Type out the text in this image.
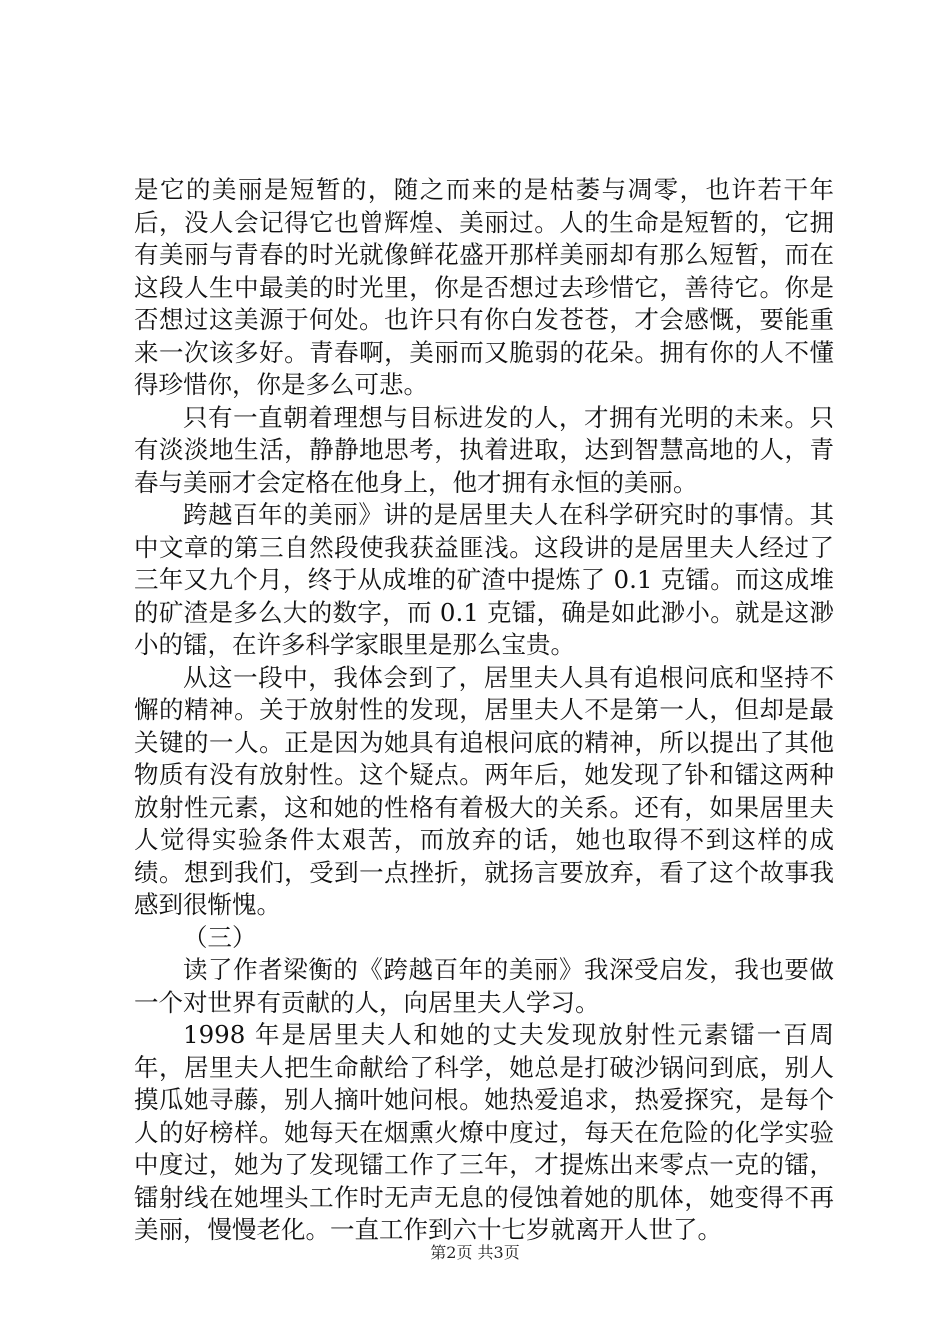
是它的美丽是短暂的，随之而来的是枯萎与凋零，也许若干年后，没人会记得它也曾辉煌、美丽过。人的生命是短暂的，它拥有美丽与青春的时光就像鲜花盛开那样美丽却有那么短暂，而在这段人生中最美的时光里，你是否想过去珍惜它，善待它。你是否想过这美源于何处。也许只有你白发苍苍，才会感慨，要能重来一次该多好。青春啊，美丽而又脆弱的花朵。拥有你的人不懂得珍惜你，你是多么可悲。

只有一直朝着理想与目标进发的人，才拥有光明的未来。只有淡淡地生活，静静地思考，执着进取，达到智慧高地的人，青春与美丽才会定格在他身上，他才拥有永恒的美丽。

跨越百年的美丽》讲的是居里夫人在科学研究时的事情。其中文章的第三自然段使我获益匪浅。这段讲的是居里夫人经过了三年又九个月，终于从成堆的矿渣中提炼了 0.1 克镭。而这成堆的矿渣是多么大的数字，而 0.1 克镭，确是如此渺小。就是这渺小的镭，在许多科学家眼里是那么宝贵。

从这一段中，我体会到了，居里夫人具有追根问底和坚持不懈的精神。关于放射性的发现，居里夫人不是第一人，但却是最关键的一人。正是因为她具有追根问底的精神，所以提出了其他物质有没有放射性。这个疑点。两年后，她发现了钋和镭这两种放射性元素，这和她的性格有着极大的关系。还有，如果居里夫人觉得实验条件太艰苦，而放弃的话，她也取得不到这样的成绩。想到我们，受到一点挫折，就扬言要放弃，看了这个故事我感到很惭愧。

（三）

读了作者梁衡的《跨越百年的美丽》我深受启发，我也要做一个对世界有贡献的人，向居里夫人学习。

1998 年是居里夫人和她的丈夫发现放射性元素镭一百周年，居里夫人把生命献给了科学，她总是打破沙锅问到底，别人摸瓜她寻藤，别人摘叶她问根。她热爱追求，热爱探究，是每个人的好榜样。她每天在烟熏火燎中度过，每天在危险的化学实验中度过，她为了发现镭工作了三年，才提炼出来零点一克的镭，镭射线在她埋头工作时无声无息的侵蚀着她的肌体，她变得不再美丽，慢慢老化。一直工作到六十七岁就离开人世了。

第2页 共3页
